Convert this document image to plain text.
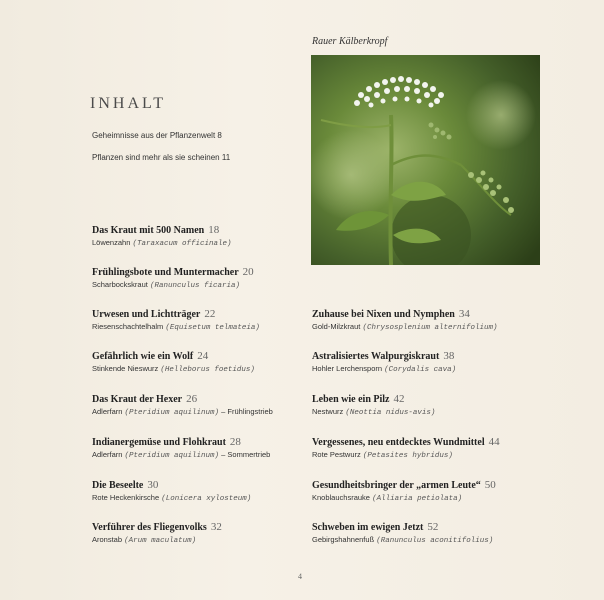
Rauer Kälberkropf
INHALT
Geheimnisse aus der Pflanzenwelt 8
Pflanzen sind mehr als sie scheinen 11
Das Kraut mit 500 Namen 18
Löwenzahn (Taraxacum officinale)
Frühlingsbote und Muntermacher 20
Scharbockskraut (Ranunculus ficaria)
Urwesen und Lichtträger 22
Riesenschachtelhalm (Equisetum telmateia)
Gefährlich wie ein Wolf 24
Stinkende Nieswurz (Helleborus foetidus)
Das Kraut der Hexer 26
Adlerfarn (Pteridium aquilinum) – Frühlingstrieb
Indianergemüse und Flohkraut 28
Adlerfarn (Pteridium aquilinum) – Sommertrieb
Die Beseelte 30
Rote Heckenkirsche (Lonicera xylosteum)
Verführer des Fliegenvolks 32
Aronstab (Arum maculatum)
Zuhause bei Nixen und Nymphen 34
Gold-Milzkraut (Chrysosplenium alternifolium)
Astralisiertes Walpurgiskraut 38
Hohler Lerchensporn (Corydalis cava)
Leben wie ein Pilz 42
Nestwurz (Neottia nidus-avis)
Vergessenes, neu entdecktes Wundmittel 44
Rote Pestwurz (Petasites hybridus)
Gesundheitsbringer der „armen Leute“ 50
Knoblauchsrauke (Alliaria petiolata)
Schweben im ewigen Jetzt 52
Gebirgshahnenfuß (Ranunculus aconitifolius)
4
